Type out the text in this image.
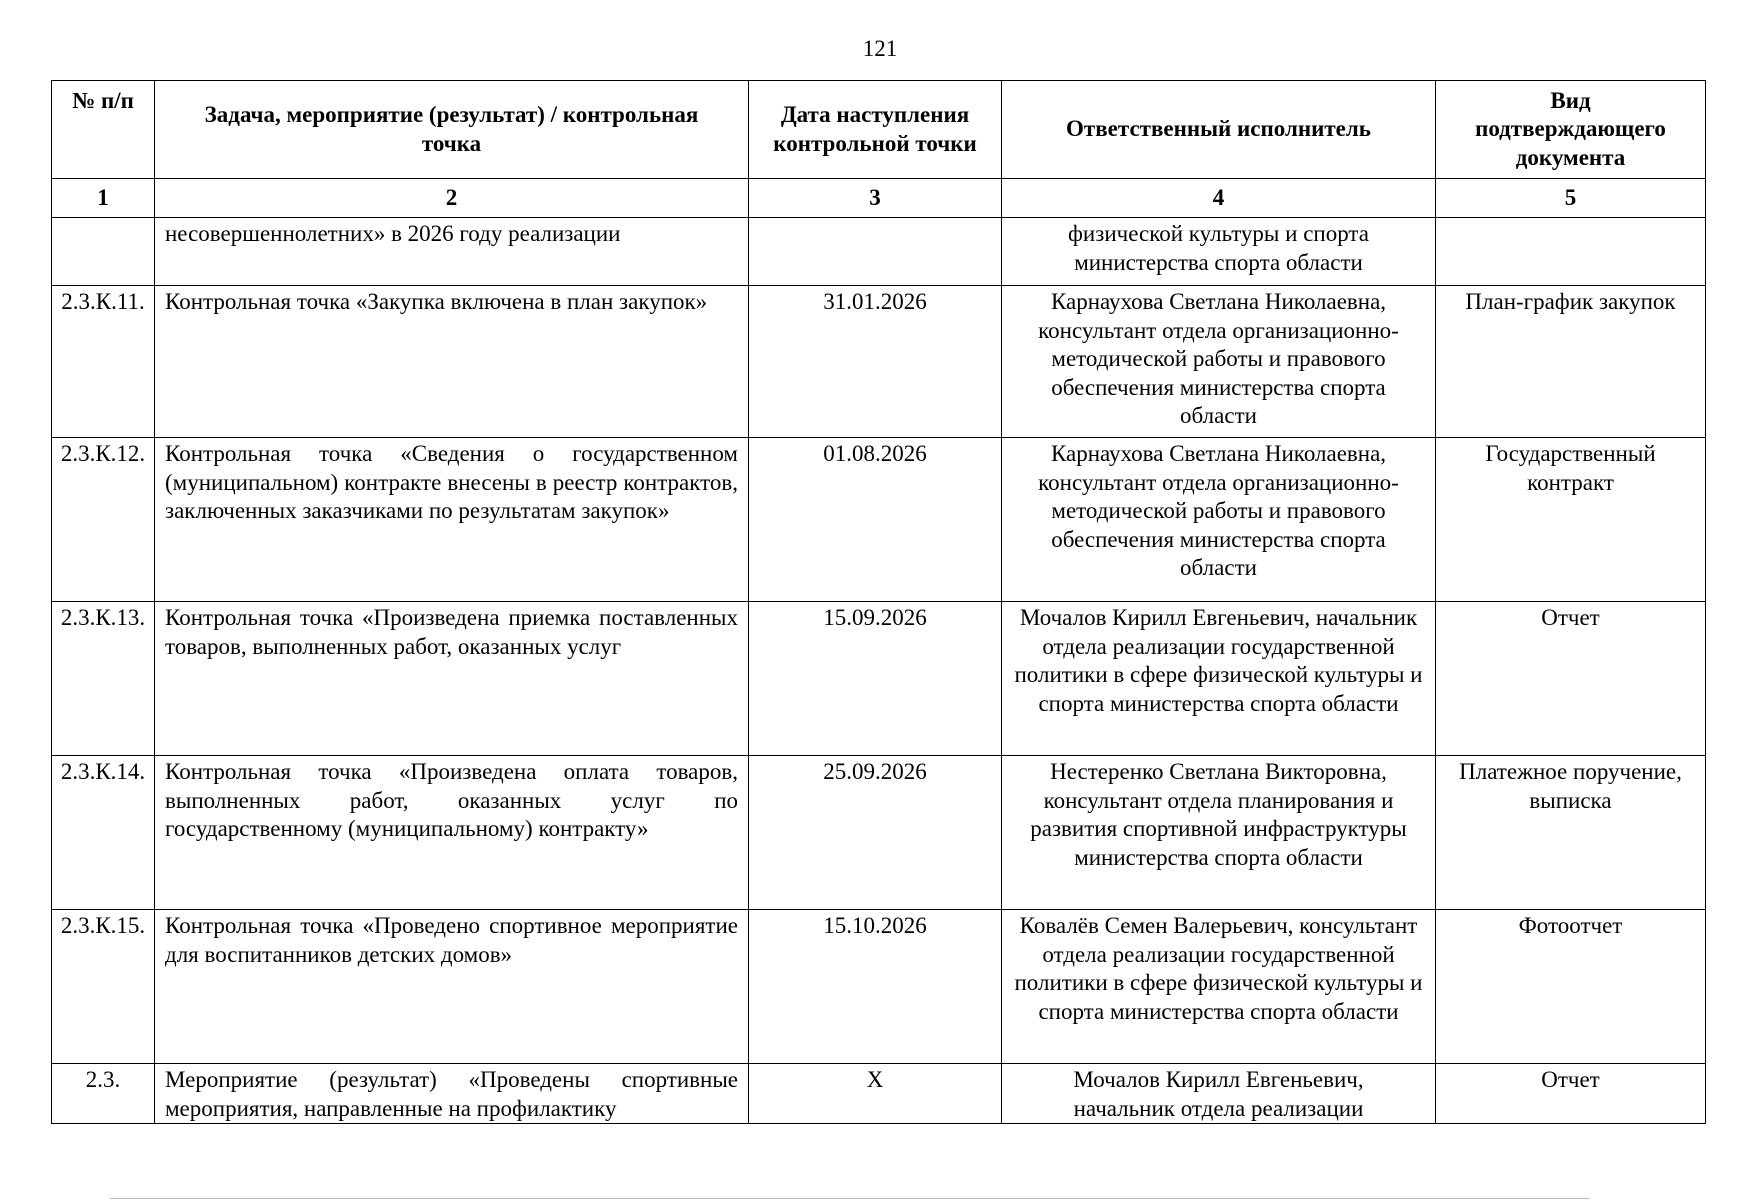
121
№ п/п	Задача, мероприятие (результат) / контрольная точка	Дата наступления контрольной точки	Ответственный исполнитель	Вид подтверждающего документа
1	2	3	4	5
	несовершеннолетних» в 2026 году реализации		физической культуры и спорта министерства спорта области	
2.3.К.11.	Контрольная точка «Закупка включена в план закупок»	31.01.2026	Карнаухова Светлана Николаевна, консультант отдела организационно-методической работы и правового обеспечения министерства спорта области	План-график закупок
2.3.К.12.	Контрольная точка «Сведения о государственном (муниципальном) контракте внесены в реестр контрактов, заключенных заказчиками по результатам закупок»	01.08.2026	Карнаухова Светлана Николаевна, консультант отдела организационно-методической работы и правового обеспечения министерства спорта области	Государственный контракт
2.3.К.13.	Контрольная точка «Произведена приемка поставленных товаров, выполненных работ, оказанных услуг	15.09.2026	Мочалов Кирилл Евгеньевич, начальник отдела реализации государственной политики в сфере физической культуры и спорта министерства спорта области	Отчет
2.3.К.14.	Контрольная точка «Произведена оплата товаров, выполненных работ, оказанных услуг по государственному (муниципальному) контракту»	25.09.2026	Нестеренко Светлана Викторовна, консультант отдела планирования и развития спортивной инфраструктуры министерства спорта области	Платежное поручение, выписка
2.3.К.15.	Контрольная точка «Проведено спортивное мероприятие для воспитанников детских домов»	15.10.2026	Ковалёв Семен Валерьевич, консультант отдела реализации государственной политики в сфере физической культуры и спорта министерства спорта области	Фотоотчет
2.3.	Мероприятие (результат) «Проведены спортивные мероприятия, направленные на профилактику	X	Мочалов Кирилл Евгеньевич, начальник отдела реализации	Отчет
